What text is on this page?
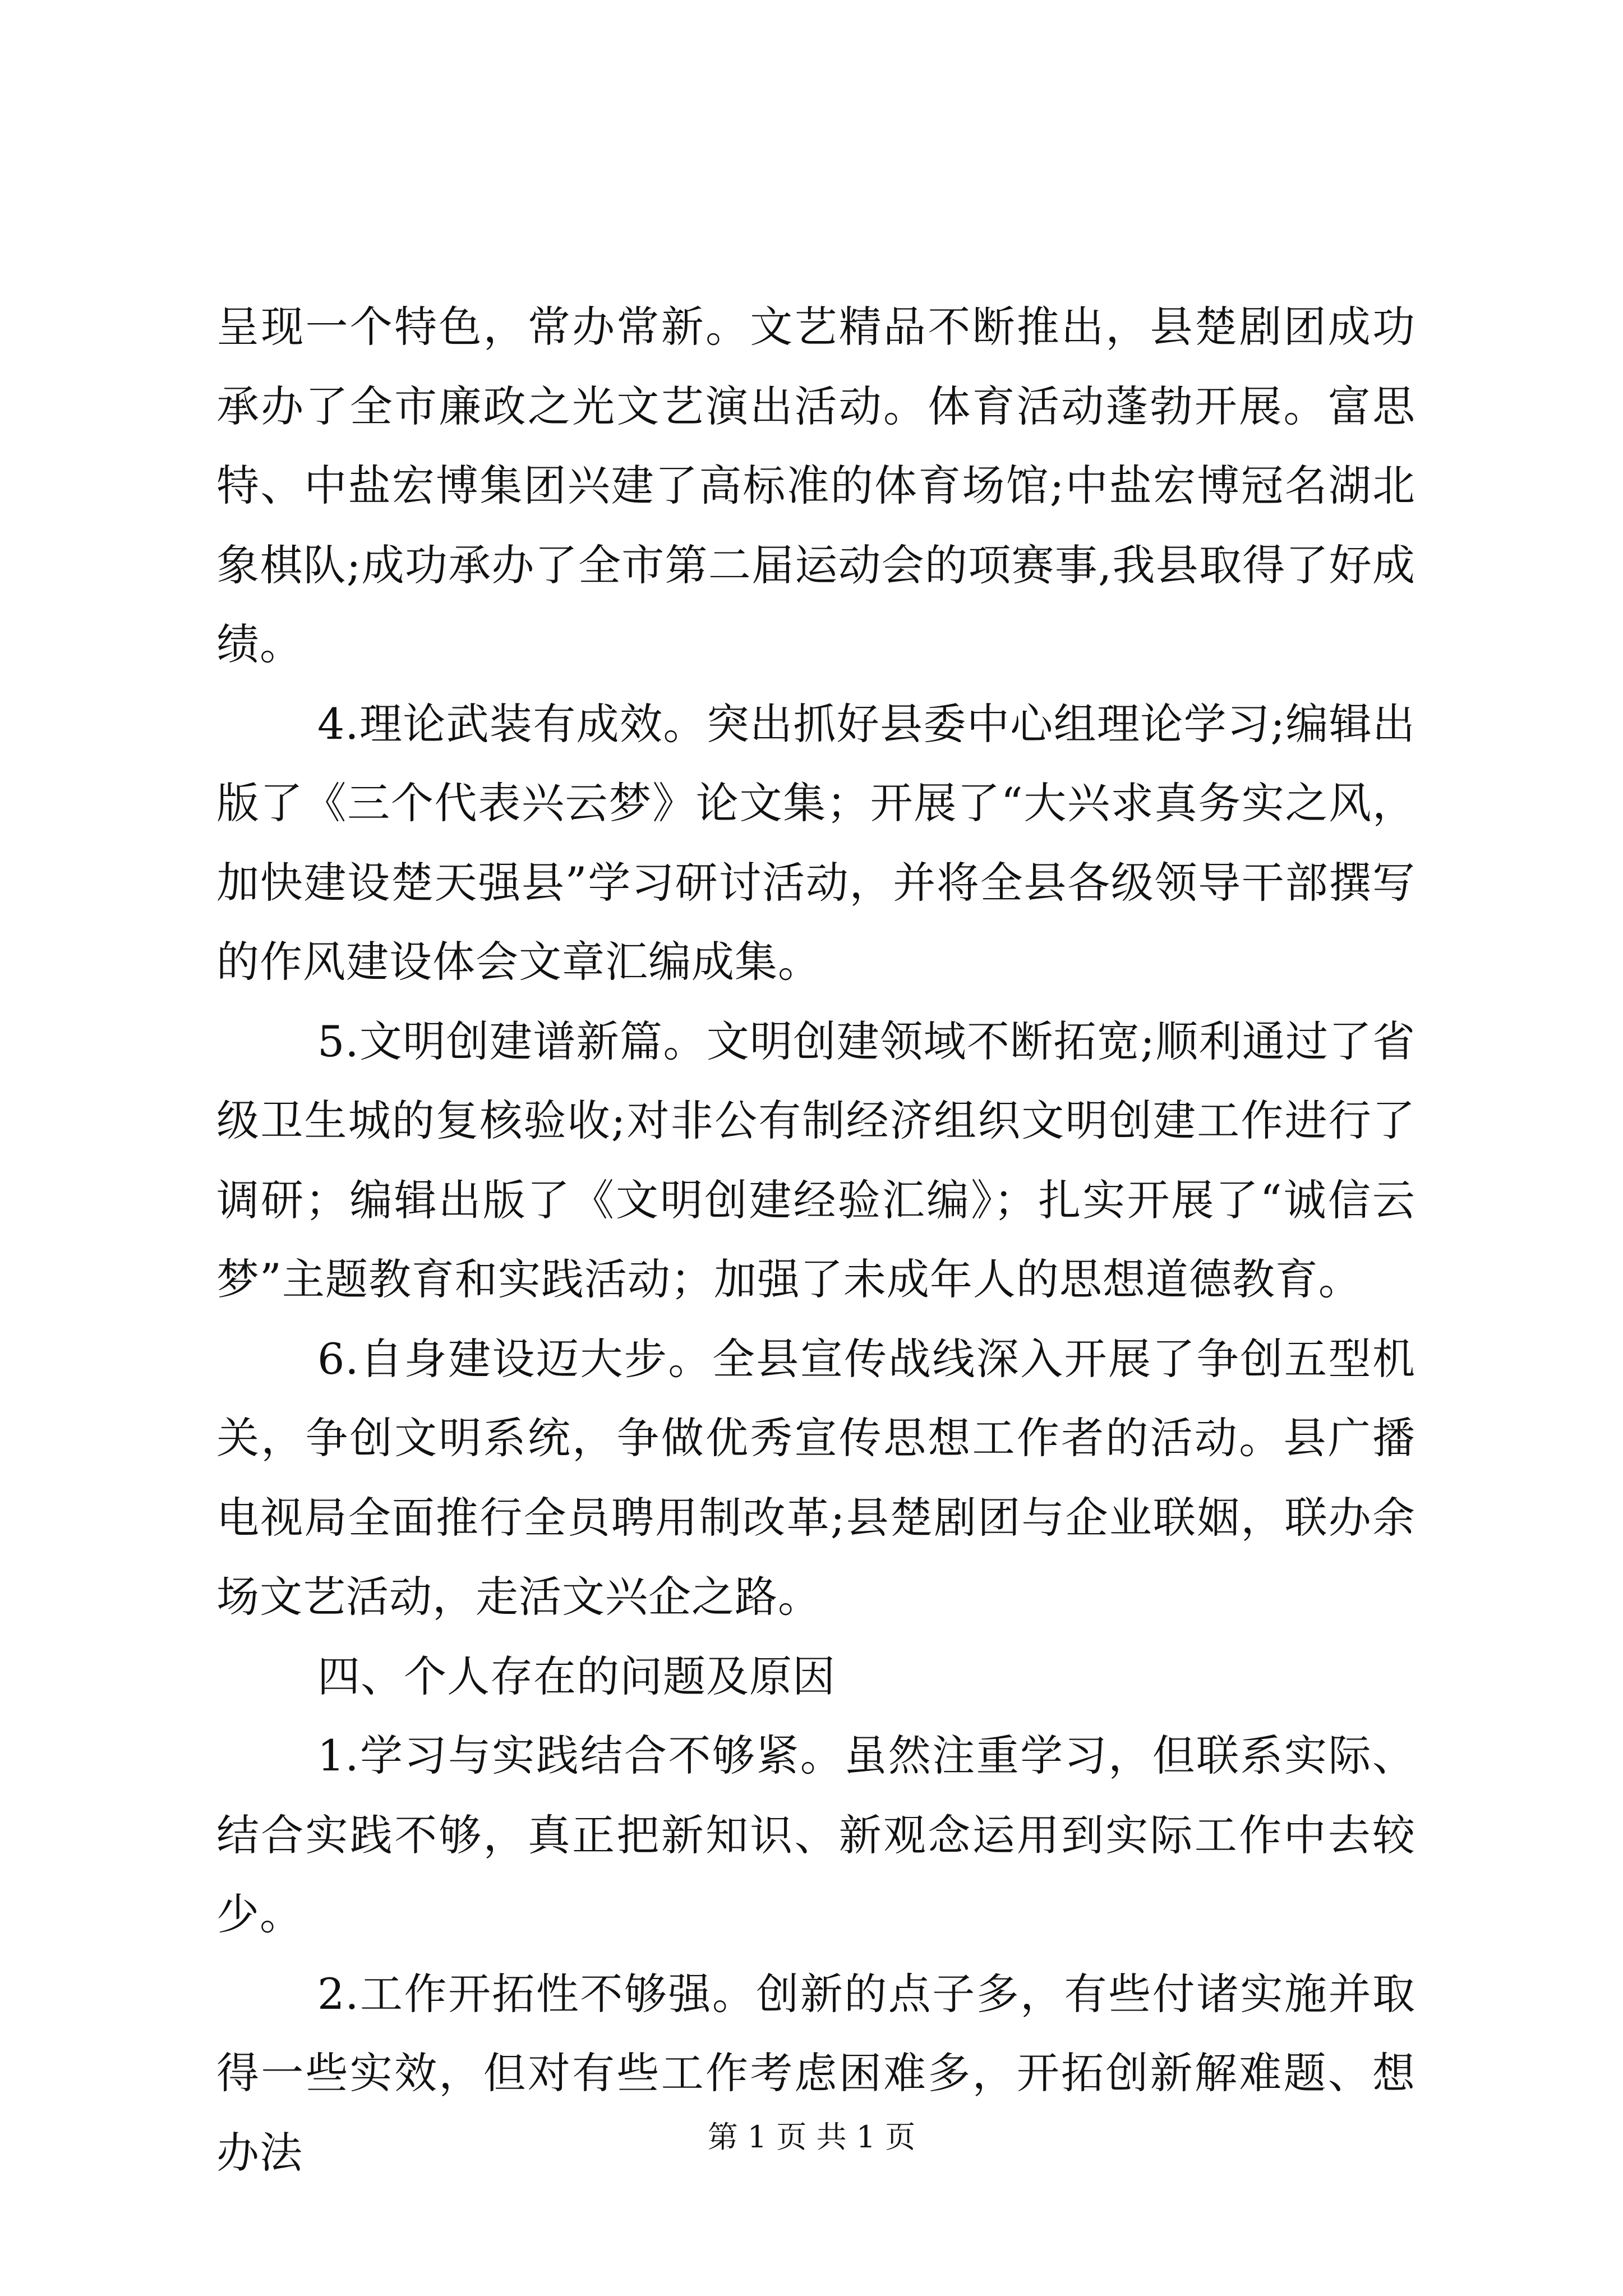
呈现一个特色，常办常新。文艺精品不断推出，县楚剧团成功承办了全市廉政之光文艺演出活动。体育活动蓬勃开展。富思特、中盐宏博集团兴建了高标准的体育场馆;中盐宏博冠名湖北象棋队;成功承办了全市第二届运动会的项赛事,我县取得了好成绩。

4.理论武装有成效。突出抓好县委中心组理论学习;编辑出版了《三个代表兴云梦》论文集；开展了“大兴求真务实之风，加快建设楚天强县”学习研讨活动，并将全县各级领导干部撰写的作风建设体会文章汇编成集。

5.文明创建谱新篇。文明创建领域不断拓宽;顺利通过了省级卫生城的复核验收;对非公有制经济组织文明创建工作进行了调研；编辑出版了《文明创建经验汇编》；扎实开展了“诚信云梦”主题教育和实践活动；加强了未成年人的思想道德教育。

6.自身建设迈大步。全县宣传战线深入开展了争创五型机关，争创文明系统，争做优秀宣传思想工作者的活动。县广播电视局全面推行全员聘用制改革;县楚剧团与企业联姻，联办余场文艺活动，走活文兴企之路。

四、个人存在的问题及原因

1.学习与实践结合不够紧。虽然注重学习，但联系实际、结合实践不够，真正把新知识、新观念运用到实际工作中去较少。

2.工作开拓性不够强。创新的点子多，有些付诸实施并取得一些实效，但对有些工作考虑困难多，开拓创新解难题、想办法	第 1 页 共 1 页
